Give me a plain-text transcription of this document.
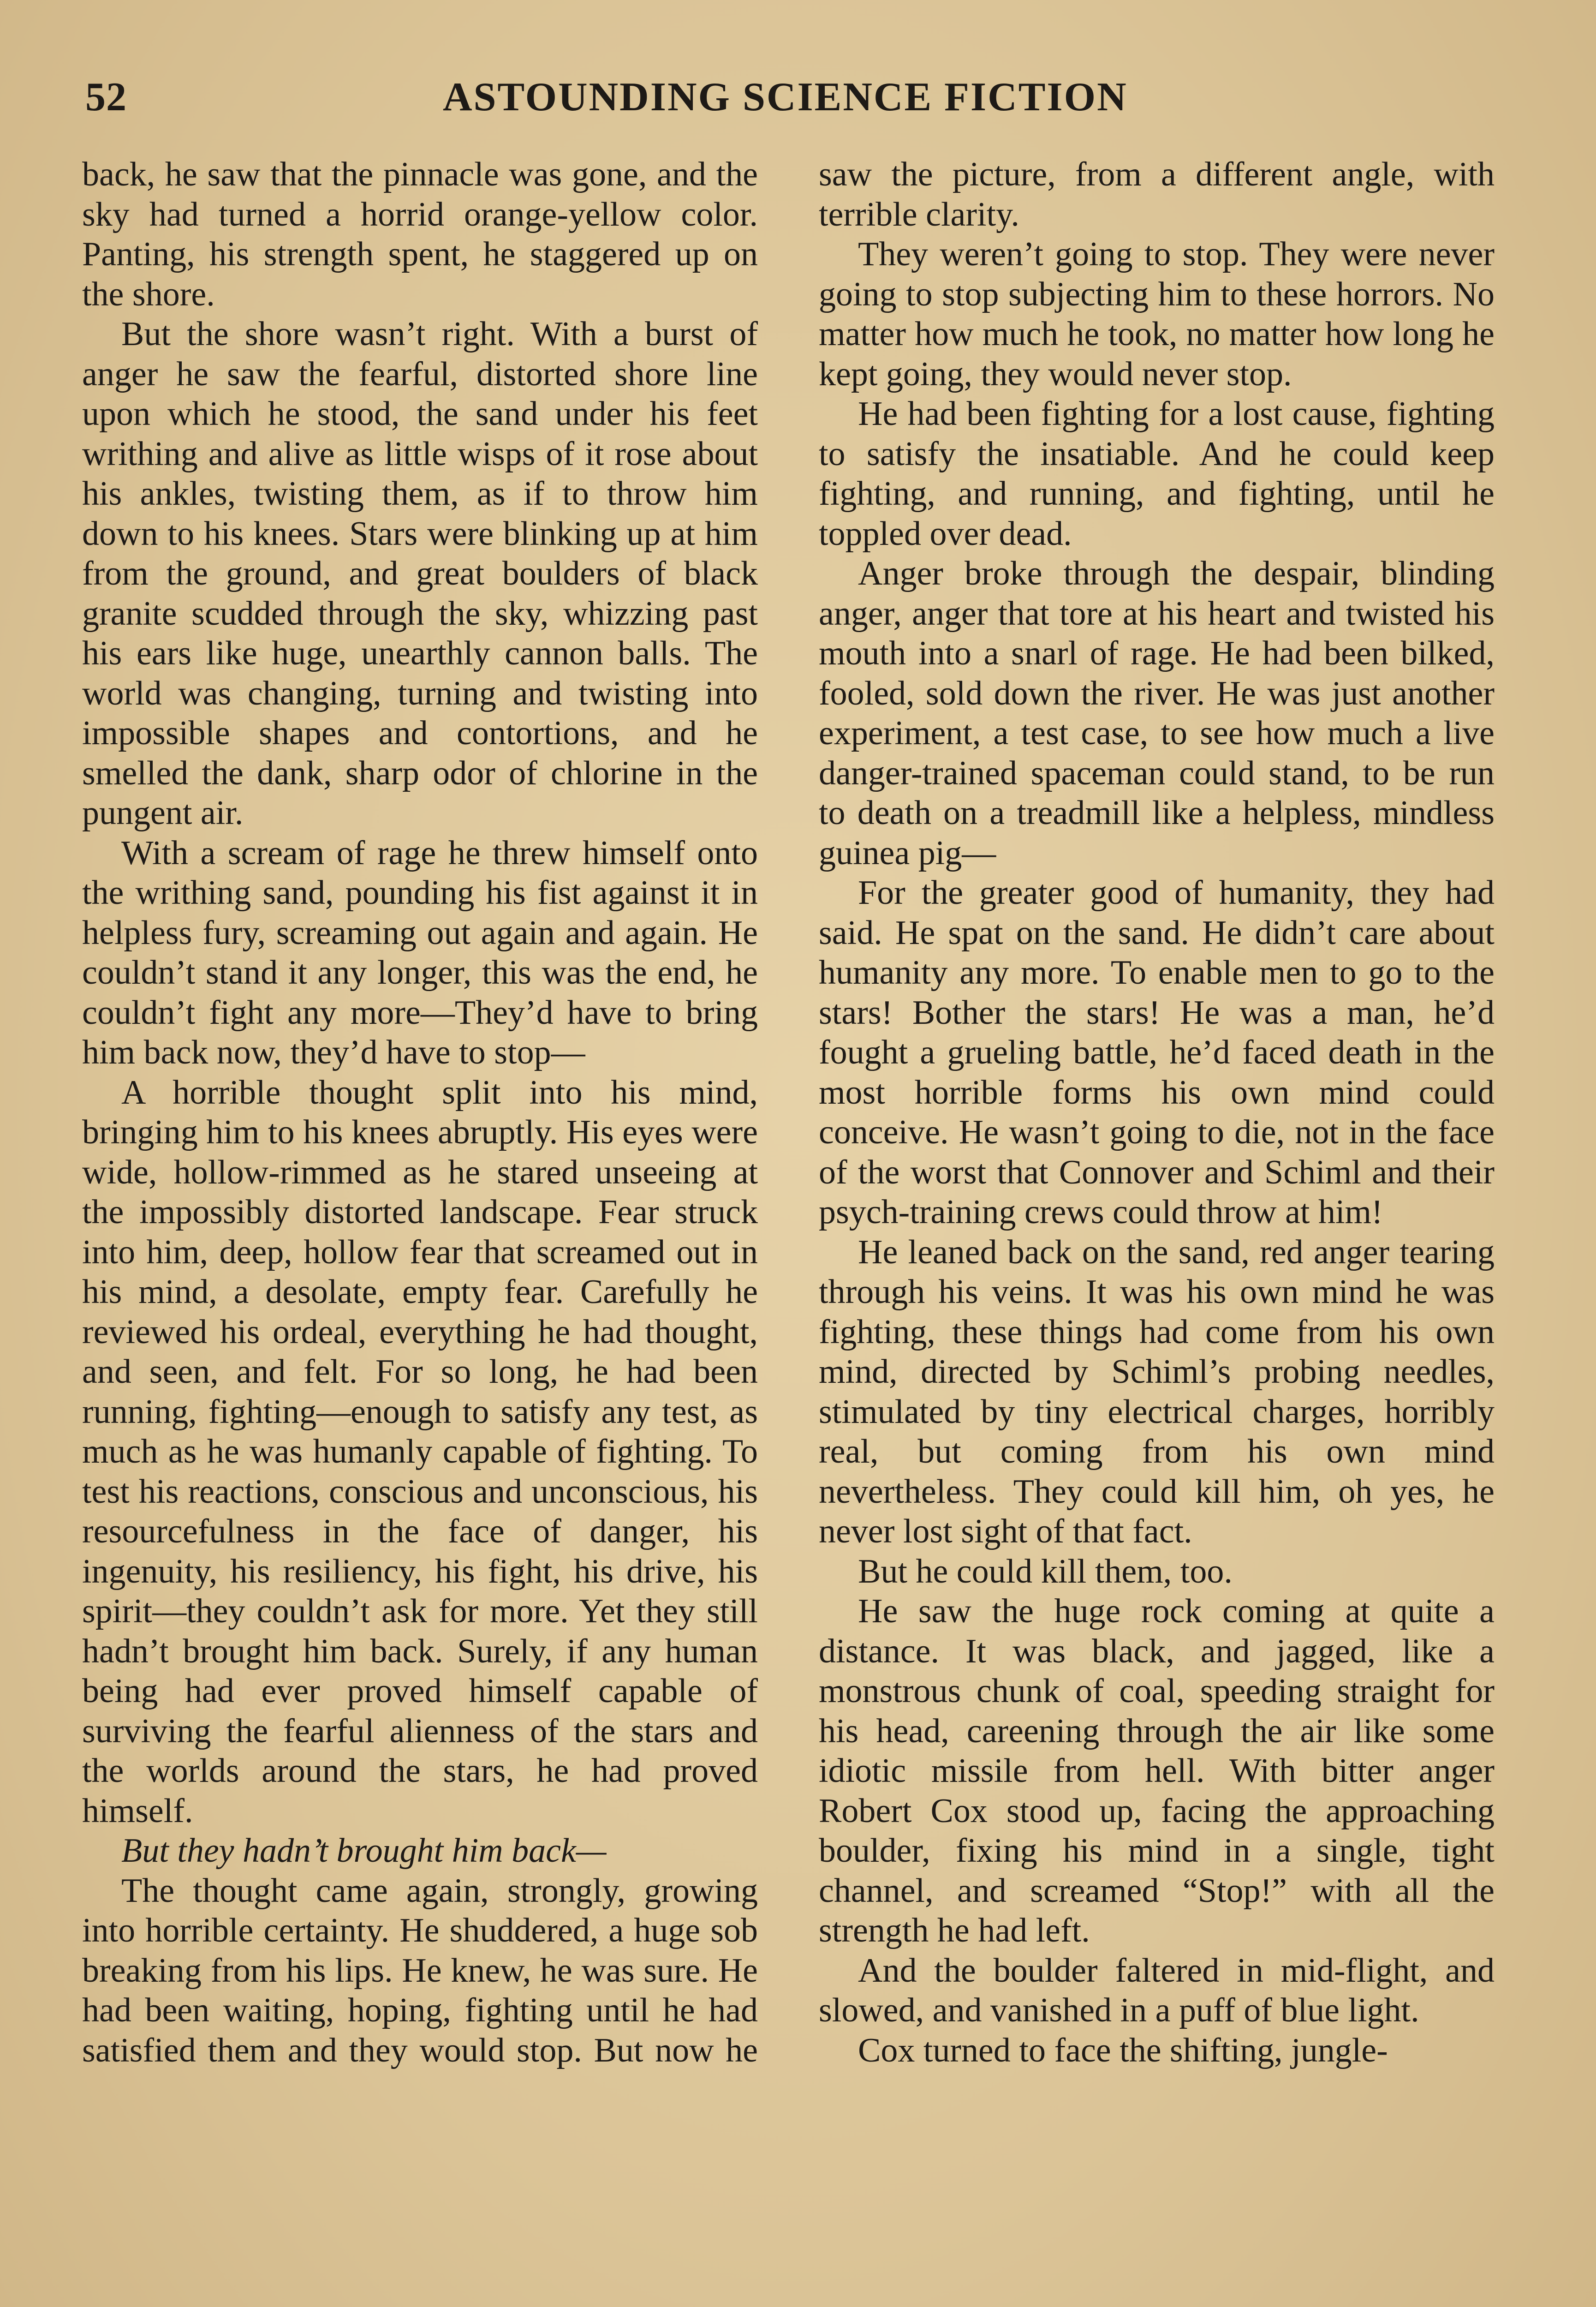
52	ASTOUNDING SCIENCE FICTION

back, he saw that the pinnacle was gone, and the sky had turned a horrid orange-yellow color. Panting, his strength spent, he staggered up on the shore.

But the shore wasn’t right. With a burst of anger he saw the fearful, distorted shore line upon which he stood, the sand under his feet writhing and alive as little wisps of it rose about his ankles, twisting them, as if to throw him down to his knees. Stars were blinking up at him from the ground, and great boulders of black granite scudded through the sky, whizzing past his ears like huge, unearthly cannon balls. The world was changing, turning and twisting into impossible shapes and contortions, and he smelled the dank, sharp odor of chlorine in the pungent air.

With a scream of rage he threw himself onto the writhing sand, pounding his fist against it in helpless fury, screaming out again and again. He couldn’t stand it any longer, this was the end, he couldn’t fight any more—They’d have to bring him back now, they’d have to stop—

A horrible thought split into his mind, bringing him to his knees abruptly. His eyes were wide, hollow-rimmed as he stared unseeing at the impossibly distorted landscape. Fear struck into him, deep, hollow fear that screamed out in his mind, a desolate, empty fear. Carefully he reviewed his ordeal, everything he had thought, and seen, and felt. For so long, he had been running, fighting—enough to satisfy any test, as much as he was humanly capable of fighting. To test his reactions, conscious and unconscious, his resourcefulness in the face of danger, his ingenuity, his resiliency, his fight, his drive, his spirit—they couldn’t ask for more. Yet they still hadn’t brought him back. Surely, if any human being had ever proved himself capable of surviving the fearful alienness of the stars and the worlds around the stars, he had proved himself.

But they hadn’t brought him back—

The thought came again, strongly, growing into horrible certainty. He shuddered, a huge sob breaking from his lips. He knew, he was sure. He had been waiting, hoping, fighting until he had satisfied them and they would stop. But now he

saw the picture, from a different angle, with terrible clarity.

They weren’t going to stop. They were never going to stop subjecting him to these horrors. No matter how much he took, no matter how long he kept going, they would never stop.

He had been fighting for a lost cause, fighting to satisfy the insatiable. And he could keep fighting, and running, and fighting, until he toppled over dead.

Anger broke through the despair, blinding anger, anger that tore at his heart and twisted his mouth into a snarl of rage. He had been bilked, fooled, sold down the river. He was just another experiment, a test case, to see how much a live danger-trained spaceman could stand, to be run to death on a treadmill like a helpless, mindless guinea pig—

For the greater good of humanity, they had said. He spat on the sand. He didn’t care about humanity any more. To enable men to go to the stars! Bother the stars! He was a man, he’d fought a grueling battle, he’d faced death in the most horrible forms his own mind could conceive. He wasn’t going to die, not in the face of the worst that Connover and Schiml and their psych-training crews could throw at him!

He leaned back on the sand, red anger tearing through his veins. It was his own mind he was fighting, these things had come from his own mind, directed by Schiml’s probing needles, stimulated by tiny electrical charges, horribly real, but coming from his own mind nevertheless. They could kill him, oh yes, he never lost sight of that fact.

But he could kill them, too.

He saw the huge rock coming at quite a distance. It was black, and jagged, like a monstrous chunk of coal, speeding straight for his head, careening through the air like some idiotic missile from hell. With bitter anger Robert Cox stood up, facing the approaching boulder, fixing his mind in a single, tight channel, and screamed “Stop!” with all the strength he had left.

And the boulder faltered in mid-flight, and slowed, and vanished in a puff of blue light.

Cox turned to face the shifting, jungle-
